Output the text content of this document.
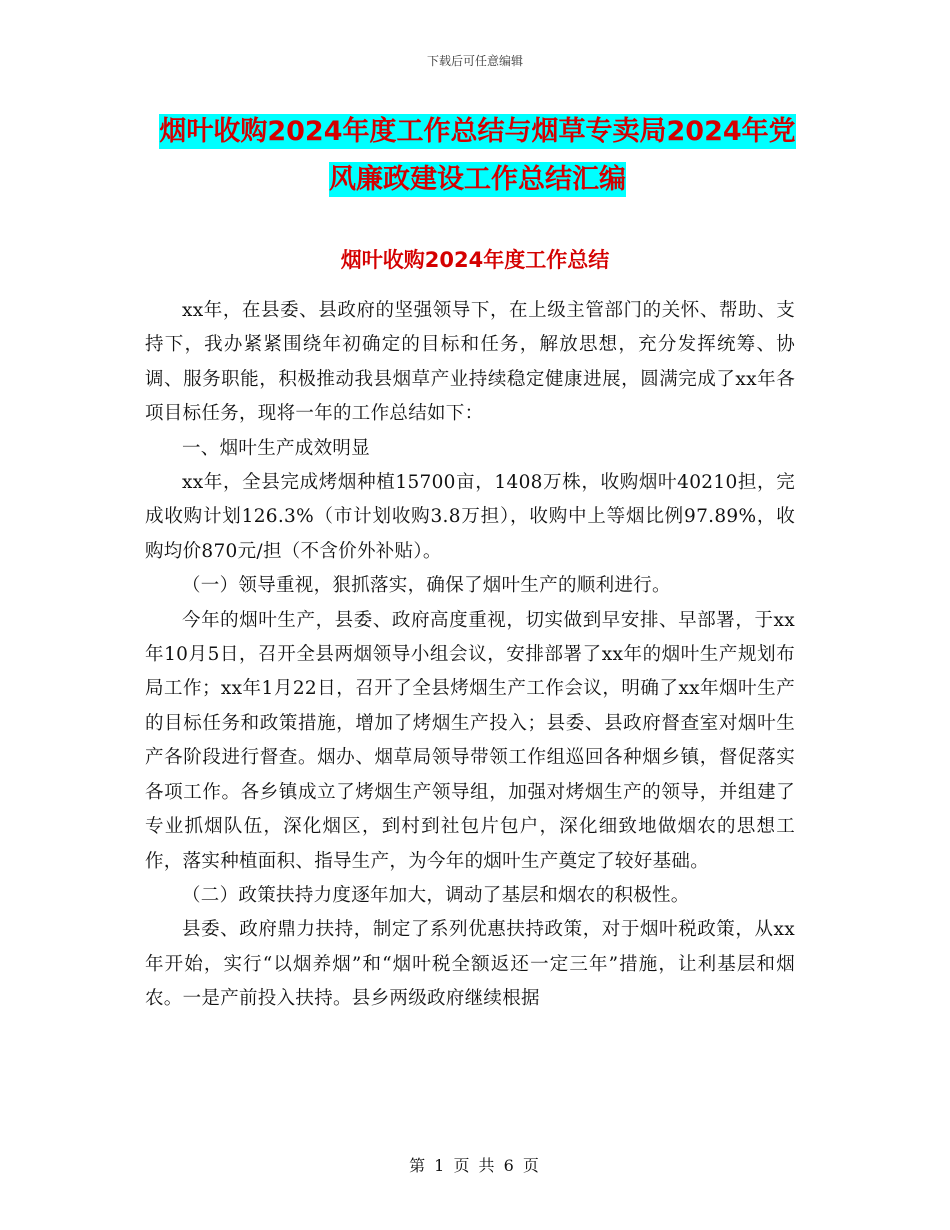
下载后可任意编辑
烟叶收购2024年度工作总结与烟草专卖局2024年党
风廉政建设工作总结汇编
烟叶收购2024年度工作总结

xx年，在县委、县政府的坚强领导下，在上级主管部门的关怀、帮助、支持下，我办紧紧围绕年初确定的目标和任务，解放思想，充分发挥统筹、协调、服务职能，积极推动我县烟草产业持续稳定健康进展，圆满完成了xx年各项目标任务，现将一年的工作总结如下：

一、烟叶生产成效明显

xx年，全县完成烤烟种植15700亩，1408万株，收购烟叶40210担，完成收购计划126.3%（市计划收购3.8万担），收购中上等烟比例97.89%，收购均价870元/担（不含价外补贴）。

（一）领导重视，狠抓落实，确保了烟叶生产的顺利进行。

今年的烟叶生产，县委、政府高度重视，切实做到早安排、早部署，于xx年10月5日，召开全县两烟领导小组会议，安排部署了xx年的烟叶生产规划布局工作；xx年1月22日，召开了全县烤烟生产工作会议，明确了xx年烟叶生产的目标任务和政策措施，增加了烤烟生产投入；县委、县政府督查室对烟叶生产各阶段进行督查。烟办、烟草局领导带领工作组巡回各种烟乡镇，督促落实各项工作。各乡镇成立了烤烟生产领导组，加强对烤烟生产的领导，并组建了专业抓烟队伍，深化烟区，到村到社包片包户，深化细致地做烟农的思想工作，落实种植面积、指导生产，为今年的烟叶生产奠定了较好基础。

（二）政策扶持力度逐年加大，调动了基层和烟农的积极性。

县委、政府鼎力扶持，制定了系列优惠扶持政策，对于烟叶税政策，从xx年开始，实行“以烟养烟”和“烟叶税全额返还一定三年”措施，让利基层和烟农。一是产前投入扶持。县乡两级政府继续根据

第 1 页 共 6 页
